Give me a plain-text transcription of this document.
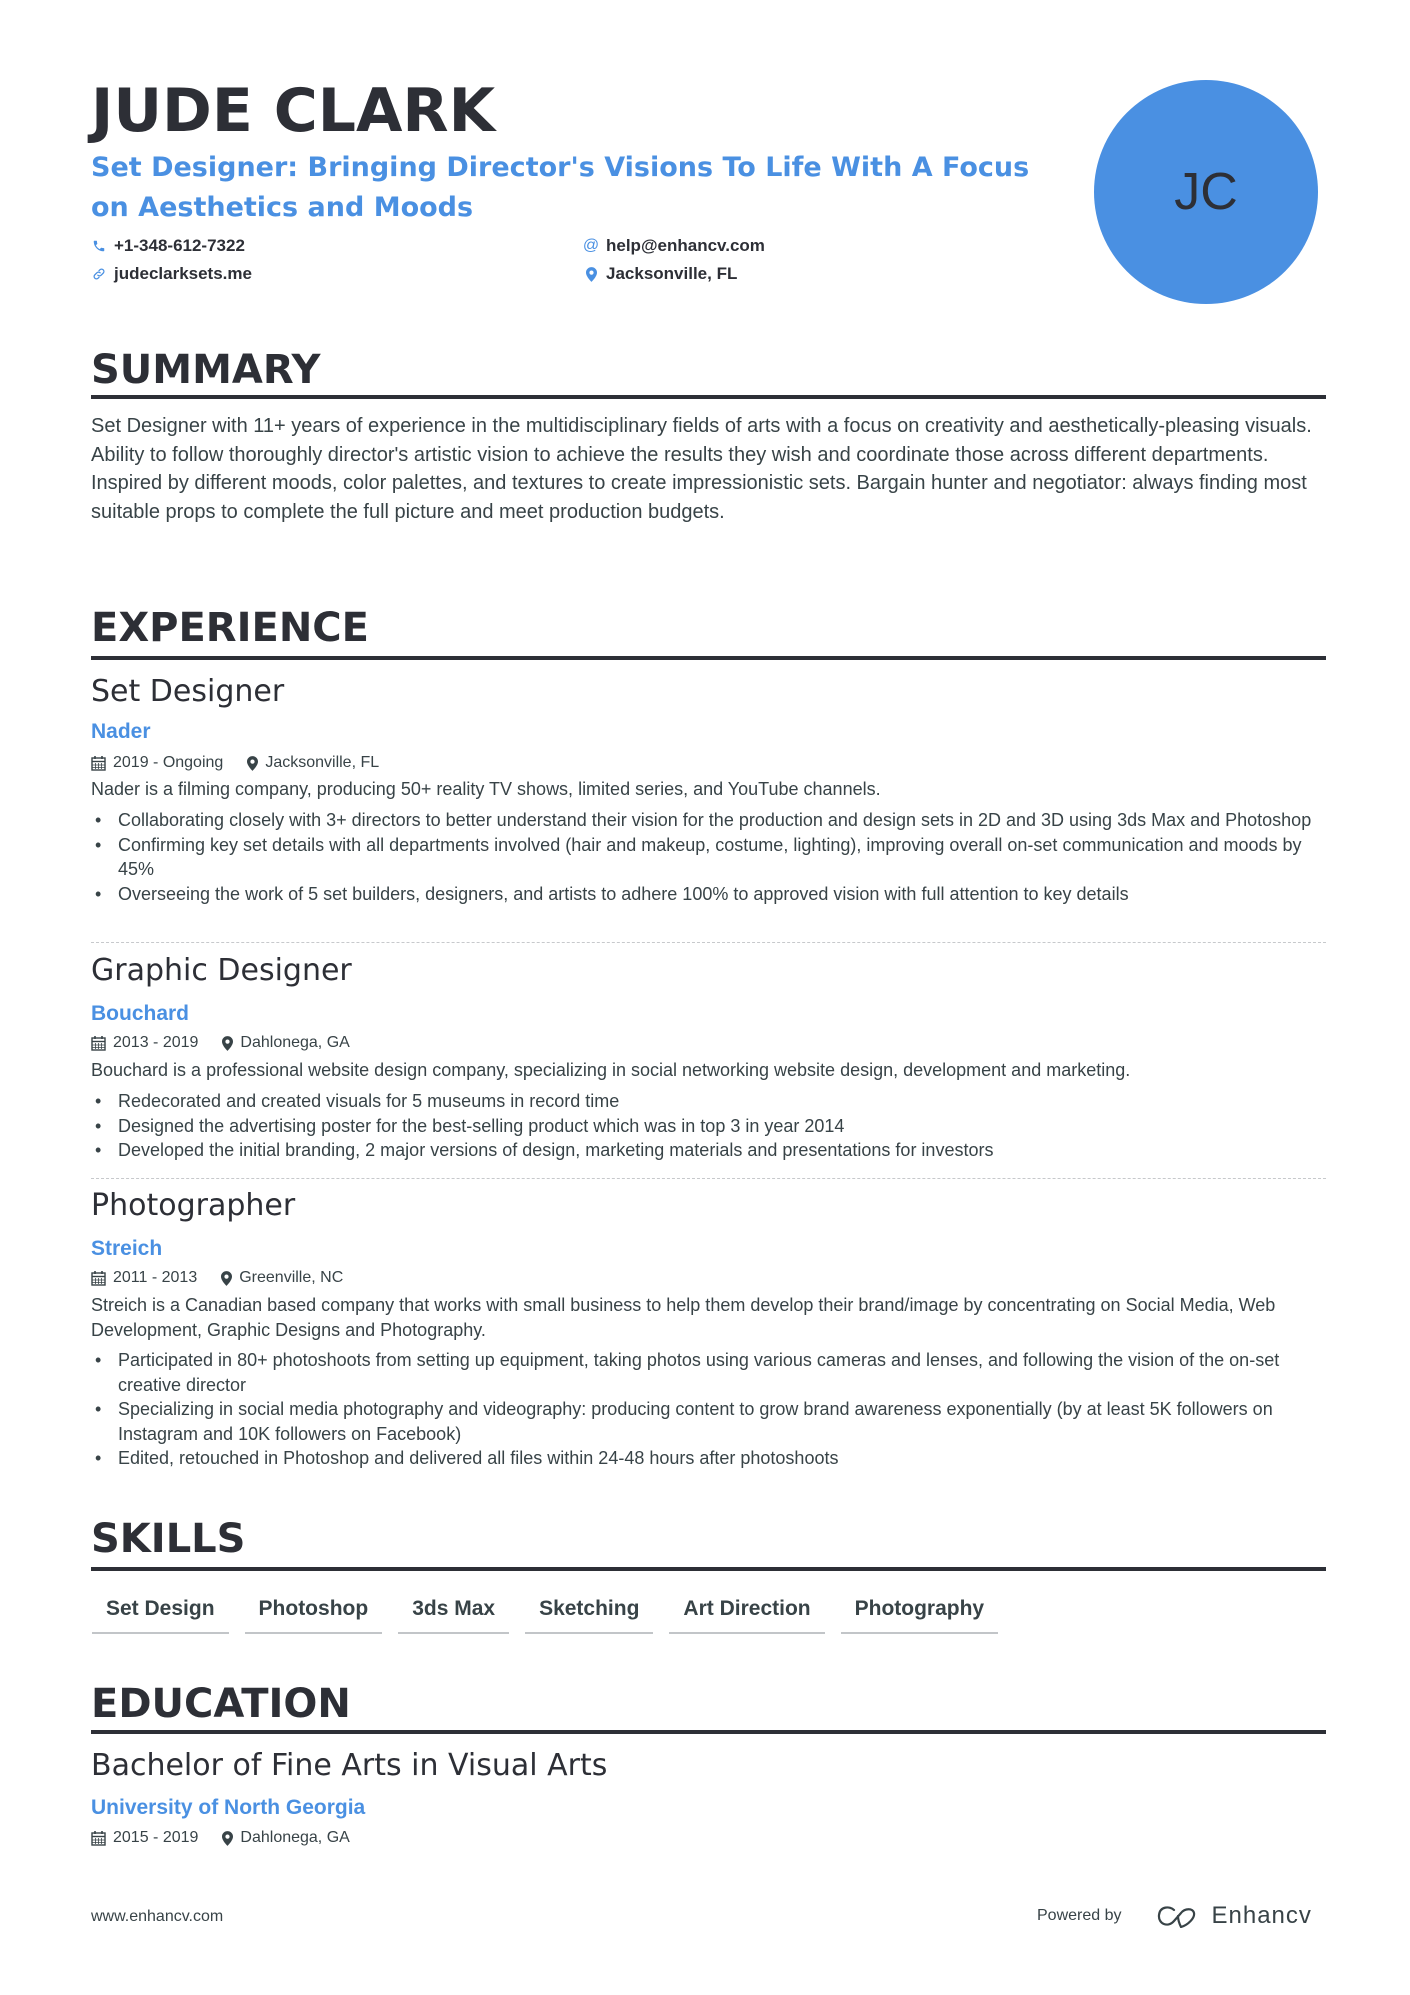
JUDE CLARK
Set Designer: Bringing Director's Visions To Life With A Focus on Aesthetics and Moods
+1-348-612-7322	@ help@enhancv.com
judeclarksets.me	Jacksonville, FL
JC
SUMMARY
Set Designer with 11+ years of experience in the multidisciplinary fields of arts with a focus on creativity and aesthetically-pleasing visuals. Ability to follow thoroughly director's artistic vision to achieve the results they wish and coordinate those across different departments. Inspired by different moods, color palettes, and textures to create impressionistic sets. Bargain hunter and negotiator: always finding most suitable props to complete the full picture and meet production budgets.
EXPERIENCE
Set Designer
Nader
2019 - Ongoing	Jacksonville, FL
Nader is a filming company, producing 50+ reality TV shows, limited series, and YouTube channels.
• Collaborating closely with 3+ directors to better understand their vision for the production and design sets in 2D and 3D using 3ds Max and Photoshop
• Confirming key set details with all departments involved (hair and makeup, costume, lighting), improving overall on-set communication and moods by 45%
• Overseeing the work of 5 set builders, designers, and artists to adhere 100% to approved vision with full attention to key details
Graphic Designer
Bouchard
2013 - 2019	Dahlonega, GA
Bouchard is a professional website design company, specializing in social networking website design, development and marketing.
• Redecorated and created visuals for 5 museums in record time
• Designed the advertising poster for the best-selling product which was in top 3 in year 2014
• Developed the initial branding, 2 major versions of design, marketing materials and presentations for investors
Photographer
Streich
2011 - 2013	Greenville, NC
Streich is a Canadian based company that works with small business to help them develop their brand/image by concentrating on Social Media, Web Development, Graphic Designs and Photography.
• Participated in 80+ photoshoots from setting up equipment, taking photos using various cameras and lenses, and following the vision of the on-set creative director
• Specializing in social media photography and videography: producing content to grow brand awareness exponentially (by at least 5K followers on Instagram and 10K followers on Facebook)
• Edited, retouched in Photoshop and delivered all files within 24-48 hours after photoshoots
SKILLS
Set Design	Photoshop	3ds Max	Sketching	Art Direction	Photography
EDUCATION
Bachelor of Fine Arts in Visual Arts
University of North Georgia
2015 - 2019	Dahlonega, GA
www.enhancv.com	Powered by	Enhancv
